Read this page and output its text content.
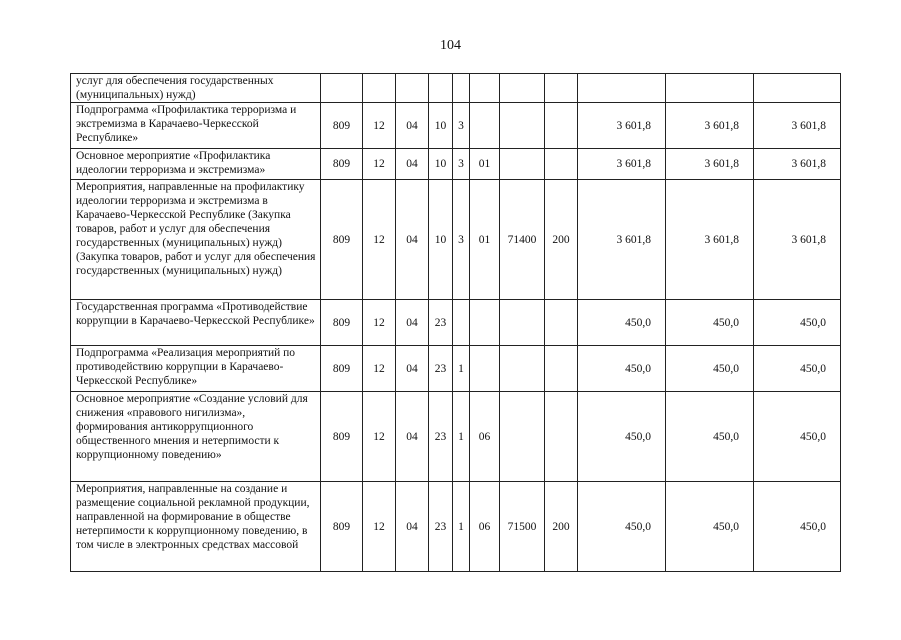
104
услуг для обеспечения государственных (муниципальных) нужд)											
Подпрограмма «Профилактика терроризма и экстремизма в Карачаево-Черкесской Республике»	809	12	04	10	3				3 601,8	3 601,8	3 601,8
Основное мероприятие «Профилактика идеологии терроризма и экстремизма»	809	12	04	10	3	01			3 601,8	3 601,8	3 601,8
Мероприятия, направленные на профилактику идеологии терроризма и экстремизма в Карачаево-Черкесской Республике (Закупка товаров, работ и услуг для обеспечения государственных (муниципальных) нужд) (Закупка товаров, работ и услуг для обеспечения государственных (муниципальных) нужд)	809	12	04	10	3	01	71400	200	3 601,8	3 601,8	3 601,8
Государственная программа «Противодействие коррупции в Карачаево-Черкесской Республике»	809	12	04	23					450,0	450,0	450,0
Подпрограмма «Реализация мероприятий по противодействию коррупции в Карачаево-Черкесской Республике»	809	12	04	23	1				450,0	450,0	450,0
Основное мероприятие «Создание условий для снижения «правового нигилизма», формирования антикоррупционного общественного мнения и нетерпимости к коррупционному поведению»	809	12	04	23	1	06			450,0	450,0	450,0
Мероприятия, направленные на создание и размещение социальной рекламной продукции, направленной на формирование в обществе нетерпимости к коррупционному поведению, в том числе в электронных средствах массовой	809	12	04	23	1	06	71500	200	450,0	450,0	450,0
